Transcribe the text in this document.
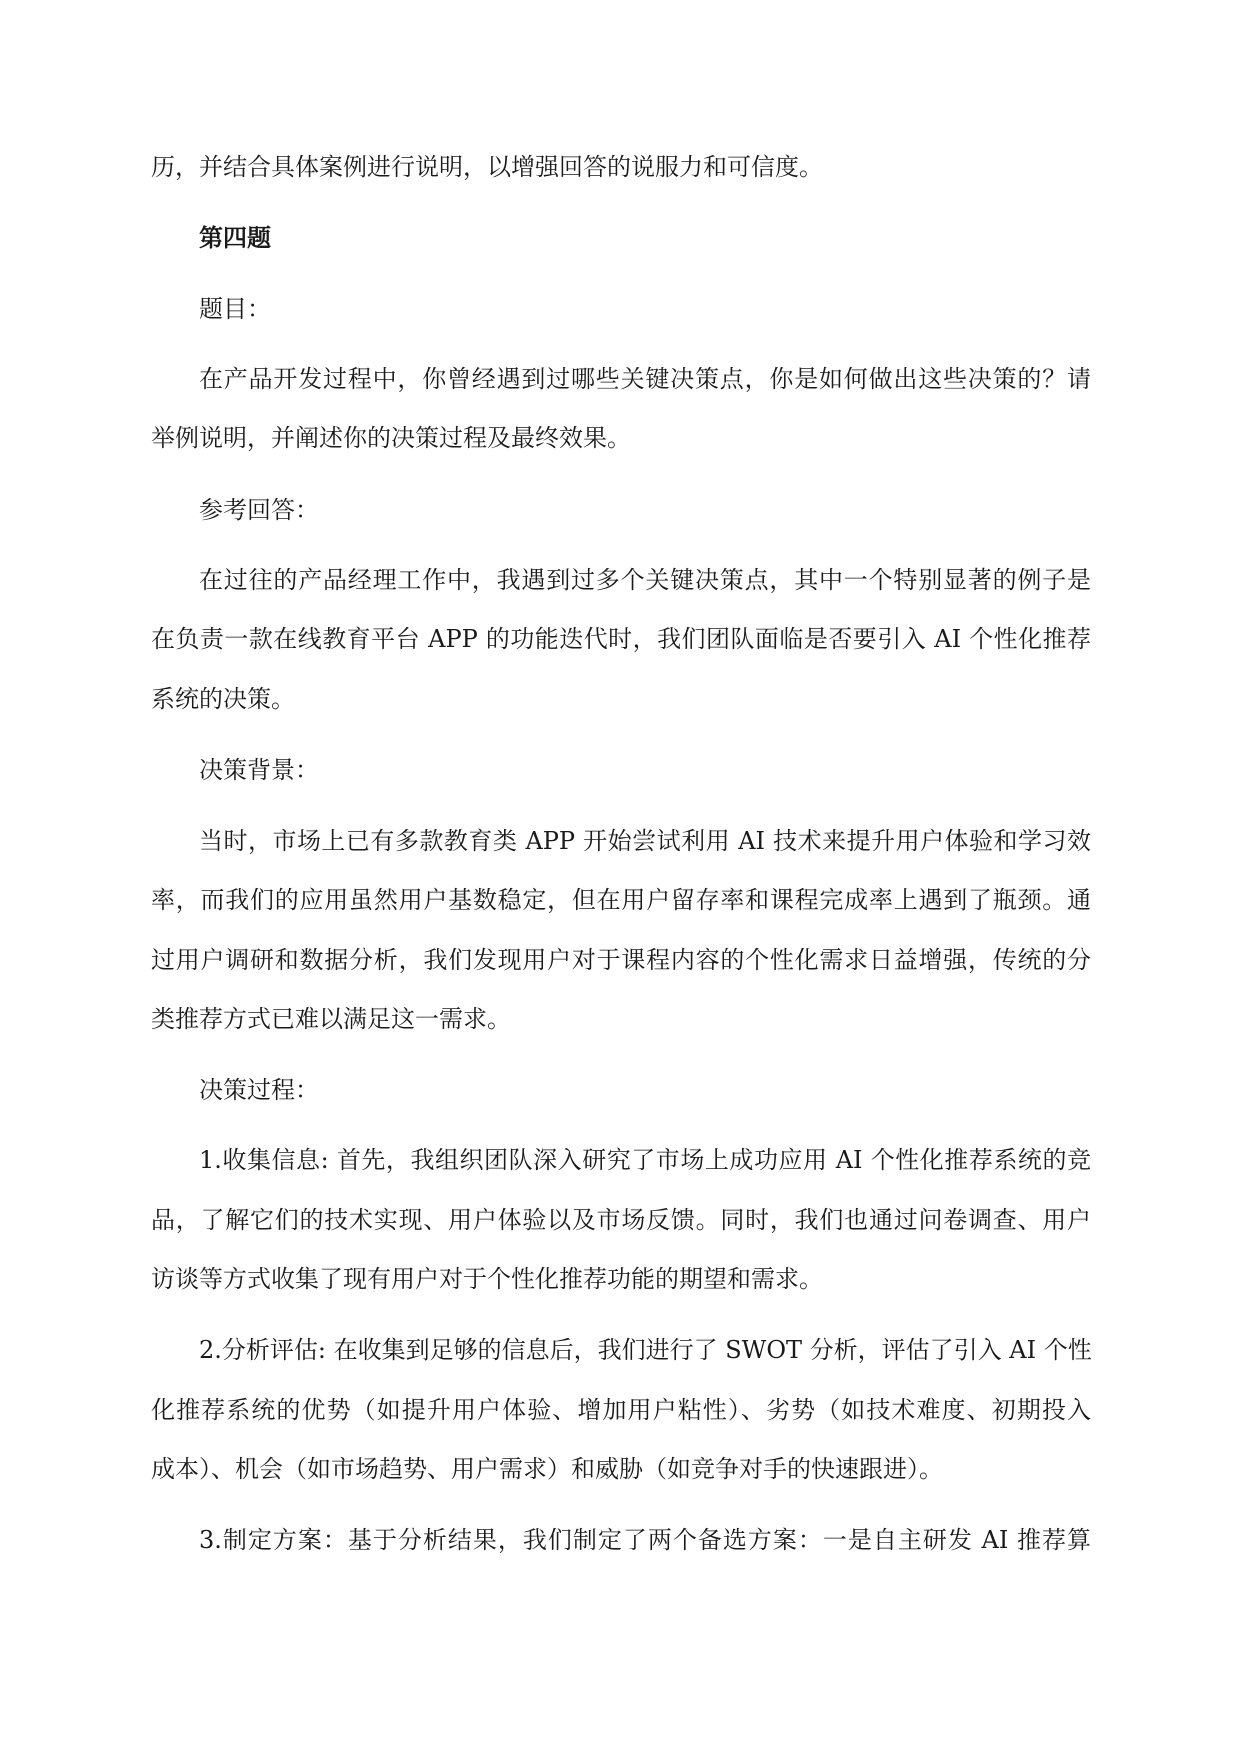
历，并结合具体案例进行说明，以增强回答的说服力和可信度。
第四题
题目：
在产品开发过程中，你曾经遇到过哪些关键决策点，你是如何做出这些决策的？请
举例说明，并阐述你的决策过程及最终效果。
参考回答：
在过往的产品经理工作中，我遇到过多个关键决策点，其中一个特别显著的例子是
在负责一款在线教育平台 APP 的功能迭代时，我们团队面临是否要引入 AI 个性化推荐
系统的决策。
决策背景：
当时，市场上已有多款教育类 APP 开始尝试利用 AI 技术来提升用户体验和学习效
率，而我们的应用虽然用户基数稳定，但在用户留存率和课程完成率上遇到了瓶颈。通
过用户调研和数据分析，我们发现用户对于课程内容的个性化需求日益增强，传统的分
类推荐方式已难以满足这一需求。
决策过程：
1.收集信息: 首先，我组织团队深入研究了市场上成功应用 AI 个性化推荐系统的竞
品，了解它们的技术实现、用户体验以及市场反馈。同时，我们也通过问卷调查、用户
访谈等方式收集了现有用户对于个性化推荐功能的期望和需求。
2.分析评估: 在收集到足够的信息后，我们进行了 SWOT 分析，评估了引入 AI 个性
化推荐系统的优势（如提升用户体验、增加用户粘性）、劣势（如技术难度、初期投入
成本）、机会（如市场趋势、用户需求）和威胁（如竞争对手的快速跟进）。
3.制定方案：基于分析结果，我们制定了两个备选方案：一是自主研发 AI 推荐算
